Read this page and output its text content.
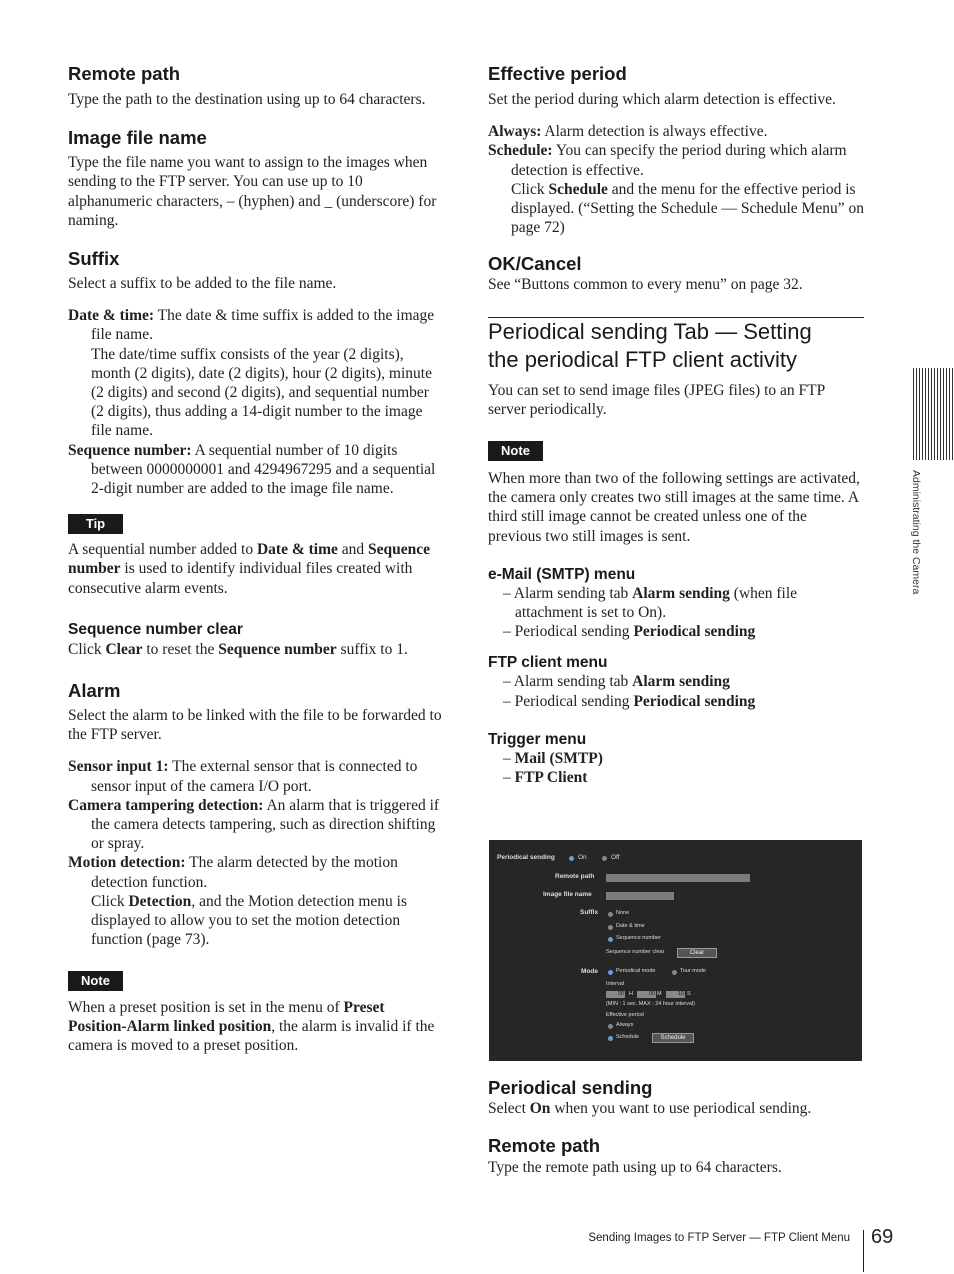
Remote path

Type the path to the destination using up to 64 characters.

Image file name

Type the file name you want to assign to the images when sending to the FTP server. You can use up to 10 alphanumeric characters, – (hyphen) and _ (underscore) for naming.

Suffix

Select a suffix to be added to the file name.

Date & time: The date & time suffix is added to the image file name.

The date/time suffix consists of the year (2 digits), month (2 digits), date (2 digits), hour (2 digits), minute (2 digits) and second (2 digits), and sequential number (2 digits), thus adding a 14-digit number to the image file name.

Sequence number: A sequential number of 10 digits between 0000000001 and 4294967295 and a sequential 2-digit number are added to the image file name.

Tip

A sequential number added to Date & time and Sequence number is used to identify individual files created with consecutive alarm events.

Sequence number clear

Click Clear to reset the Sequence number suffix to 1.

Alarm

Select the alarm to be linked with the file to be forwarded to the FTP server.

Sensor input 1: The external sensor that is connected to sensor input of the camera I/O port.

Camera tampering detection: An alarm that is triggered if the camera detects tampering, such as direction shifting or spray.

Motion detection: The alarm detected by the motion detection function.

Click Detection, and the Motion detection menu is displayed to allow you to set the motion detection function (page 73).

Note

When a preset position is set in the menu of Preset Position-Alarm linked position, the alarm is invalid if the camera is moved to a preset position.

Effective period

Set the period during which alarm detection is effective.

Always: Alarm detection is always effective.

Schedule: You can specify the period during which alarm detection is effective.

Click Schedule and the menu for the effective period is displayed. (“Setting the Schedule — Schedule Menu” on page 72)

OK/Cancel

See “Buttons common to every menu” on page 32.

Periodical sending Tab — Setting
the periodical FTP client activity

You can set to send image files (JPEG files) to an FTP server periodically.

Note

When more than two of the following settings are activated, the camera only creates two still images at the same time. A third still image cannot be created unless one of the previous two still images is sent.

e-Mail (SMTP) menu

– Alarm sending tab Alarm sending (when file attachment is set to On).

– Periodical sending Periodical sending

FTP client menu

– Alarm sending tab Alarm sending

– Periodical sending Periodical sending

Trigger menu

– Mail (SMTP)

– FTP Client

Periodical sending	On	Off
Remote path
Image file name
Suffix	None
Date & time
Sequence number
Sequence number clear	Clear
Mode	Periodical mode	Tour mode
Interval
00 H	00 M	10 S
(MIN : 1 sec. MAX : 24 hour interval)
Effective period
Always
Schedule	Schedule
Periodical sending

Select On when you want to use periodical sending.

Remote path

Type the remote path using up to 64 characters.

Administrating the Camera
Sending Images to FTP Server — FTP Client Menu 69
